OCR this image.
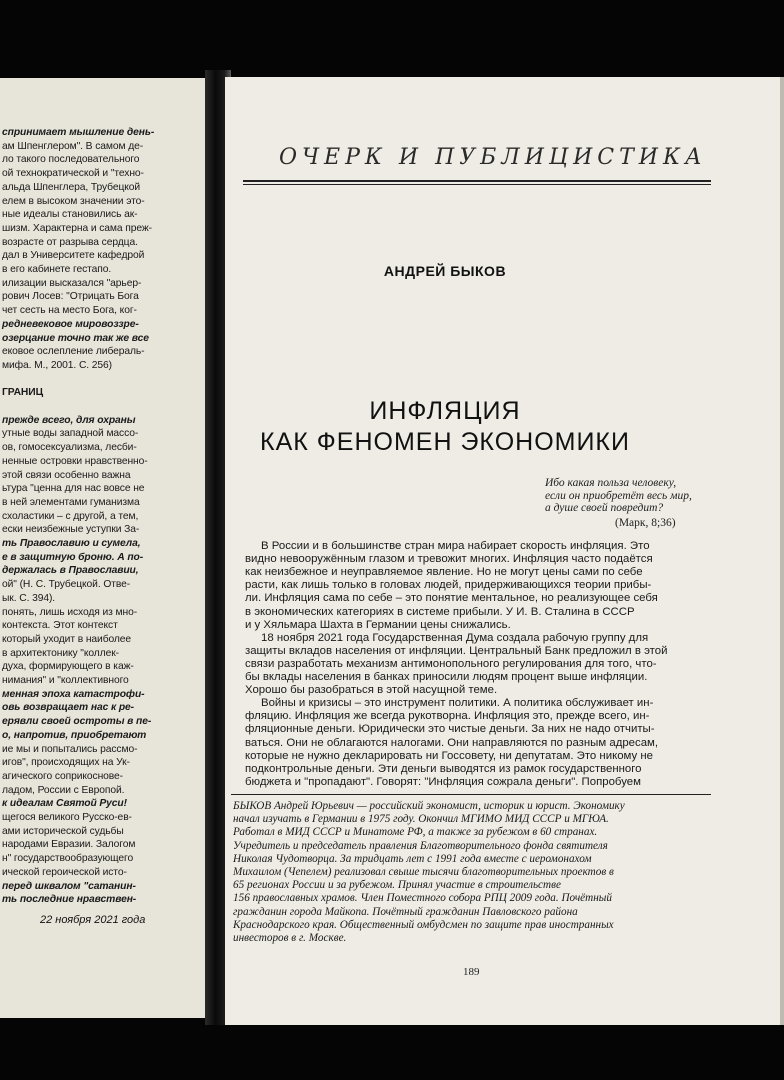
спринимает мышление день-
ам Шпенглером". В самом де-
ло такого последовательного
ой технократической и "техно-
альда Шпенглера, Трубецкой
елем в высоком значении это-
ные идеалы становились ак-
шизм. Характерна и сама преж-
возрасте от разрыва сердца.
дал в Университете кафедрой
в его кабинете гестапо.
илизации высказался "арьер-
рович Лосев: "Отрицать Бога
чет сесть на место Бога, ког-
редневековое мировоззре-
озерцание точно так же все
ековое ослепление либераль-
мифа. М., 2001. С. 256)
ГРАНИЦ
прежде всего, для охраны
утные воды западной массо-
ов, гомосексуализма, лесби-
ненные островки нравственно-
этой связи особенно важна
ьтура "ценна для нас вовсе не
в ней элементами гуманизма
схоластики – с другой, а тем,
ески неизбежные уступки За-
ть Православию и сумела,
е в защитную броню. А по-
держалась в Православии,
ой" (Н. С. Трубецкой. Отве-
ык. С. 394).
понять, лишь исходя из мно-
контекста. Этот контекст
который уходит в наиболее
в архитектонику "коллек-
духа, формирующего в каж-
нимания" и "коллективного
менная эпоха катастрофи-
овь возвращает нас к ре-
ерявли своей остроты в пе-
о, напротив, приобретают
ие мы и попытались рассмо-
игов", происходящих на Ук-
агического соприкоснове-
ладом, России с Европой.
к идеалам Святой Руси!
щегося великого Русско-ев-
ами исторической судьбы
народами Евразии. Залогом
н" государствообразующего
ической героической исто-
перед шквалом "сатанин-
ть последние нравствен-
22 ноября 2021 года
ОЧЕРК И ПУБЛИЦИСТИКА
АНДРЕЙ БЫКОВ
ИНФЛЯЦИЯ
КАК ФЕНОМЕН ЭКОНОМИКИ
Ибо какая польза человеку,
если он приобретёт весь мир,
а душе своей повредит?
(Марк, 8;36)
В России и в большинстве стран мира набирает скорость инфляция. Это
видно невооружённым глазом и тревожит многих. Инфляция часто подаётся
как неизбежное и неуправляемое явление. Но не могут цены сами по себе
расти, как лишь только в головах людей, придерживающихся теории прибы-
ли. Инфляция сама по себе – это понятие ментальное, но реализующее себя
в экономических категориях в системе прибыли. У И. В. Сталина в СССР
и у Хяльмара Шахта в Германии цены снижались.
18 ноября 2021 года Государственная Дума создала рабочую группу для
защиты вкладов населения от инфляции. Центральный Банк предложил в этой
связи разработать механизм антимонопольного регулирования для того, что-
бы вклады населения в банках приносили людям процент выше инфляции.
Хорошо бы разобраться в этой насущной теме.
Войны и кризисы – это инструмент политики. А политика обслуживает ин-
фляцию. Инфляция же всегда рукотворна. Инфляция это, прежде всего, ин-
фляционные деньги. Юридически это чистые деньги. За них не надо отчиты-
ваться. Они не облагаются налогами. Они направляются по разным адресам,
которые не нужно декларировать ни Госсовету, ни депутатам. Это никому не
подконтрольные деньги. Эти деньги выводятся из рамок государственного
бюджета и "пропадают". Говорят: "Инфляция сожрала деньги". Попробуем
БЫКОВ Андрей Юрьевич — российский экономист, историк и юрист. Экономику
начал изучать в Германии в 1975 году. Окончил МГИМО МИД СССР и МГЮА.
Работал в МИД СССР и Минатоме РФ, а также за рубежом в 60 странах.
Учредитель и председатель правления Благотворительного фонда святителя
Николая Чудотворца. За тридцать лет с 1991 года вместе с иеромонахом
Михаилом (Чепелем) реализовал свыше тысячи благотворительных проектов в
65 регионах России и за рубежом. Принял участие в строительстве
156 православных храмов. Член Поместного собора РПЦ 2009 года. Почётный
гражданин города Майкопа. Почётный гражданин Павловского района
Краснодарского края. Общественный омбудсмен по защите прав иностранных
инвесторов в г. Москве.
189
